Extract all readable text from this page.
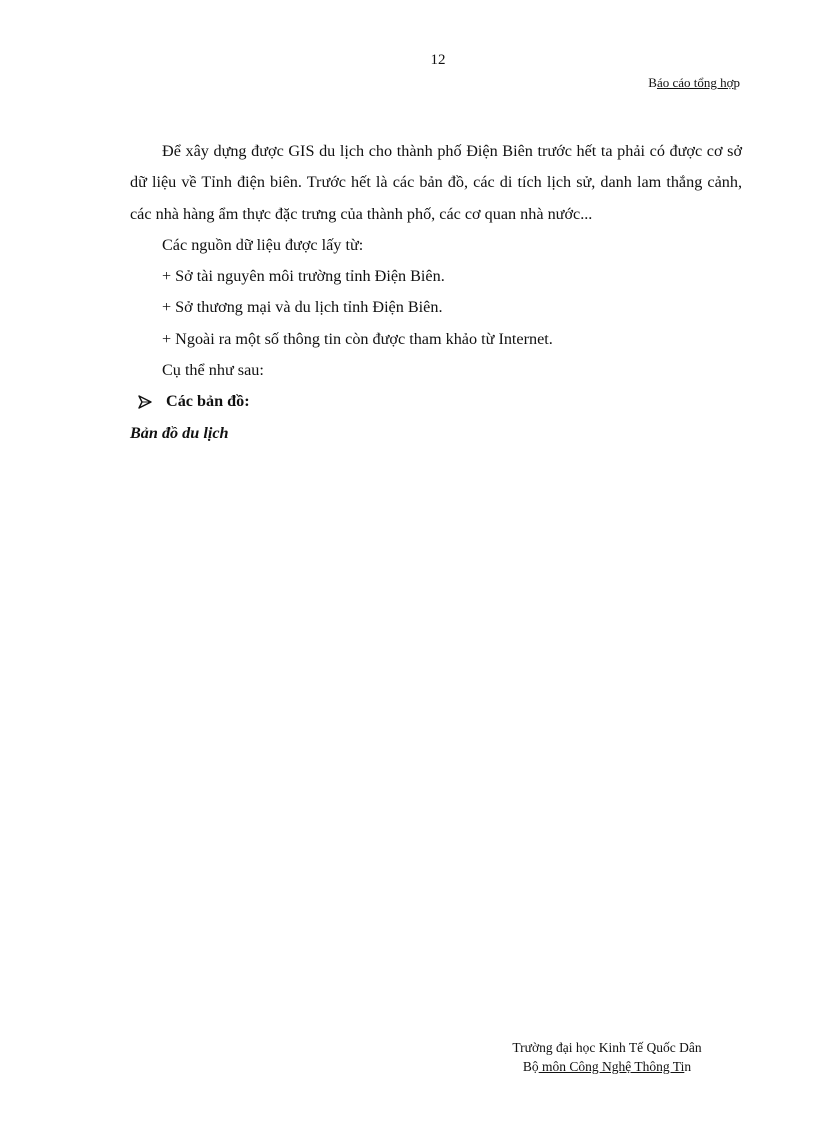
12
Báo cáo tổng hợp

Để xây dựng được GIS du lịch cho thành phố Điện Biên trước hết ta phải có được cơ sở dữ liệu về Tỉnh điện biên. Trước hết là các bản đồ, các di tích lịch sử, danh lam thắng cảnh, các nhà hàng ẩm thực đặc trưng của thành phố, các cơ quan nhà nước...

Các nguồn dữ liệu được lấy từ:

+ Sở tài nguyên môi trường tỉnh Điện Biên.

+ Sở thương mại và du lịch tỉnh Điện Biên.

+ Ngoài ra một số thông tin còn được tham khảo từ Internet.

Cụ thể như sau:

Các bản đồ:

Bản đồ du lịch

Trường đại học Kinh Tế Quốc Dân
Bộ môn Công Nghệ Thông Tin
